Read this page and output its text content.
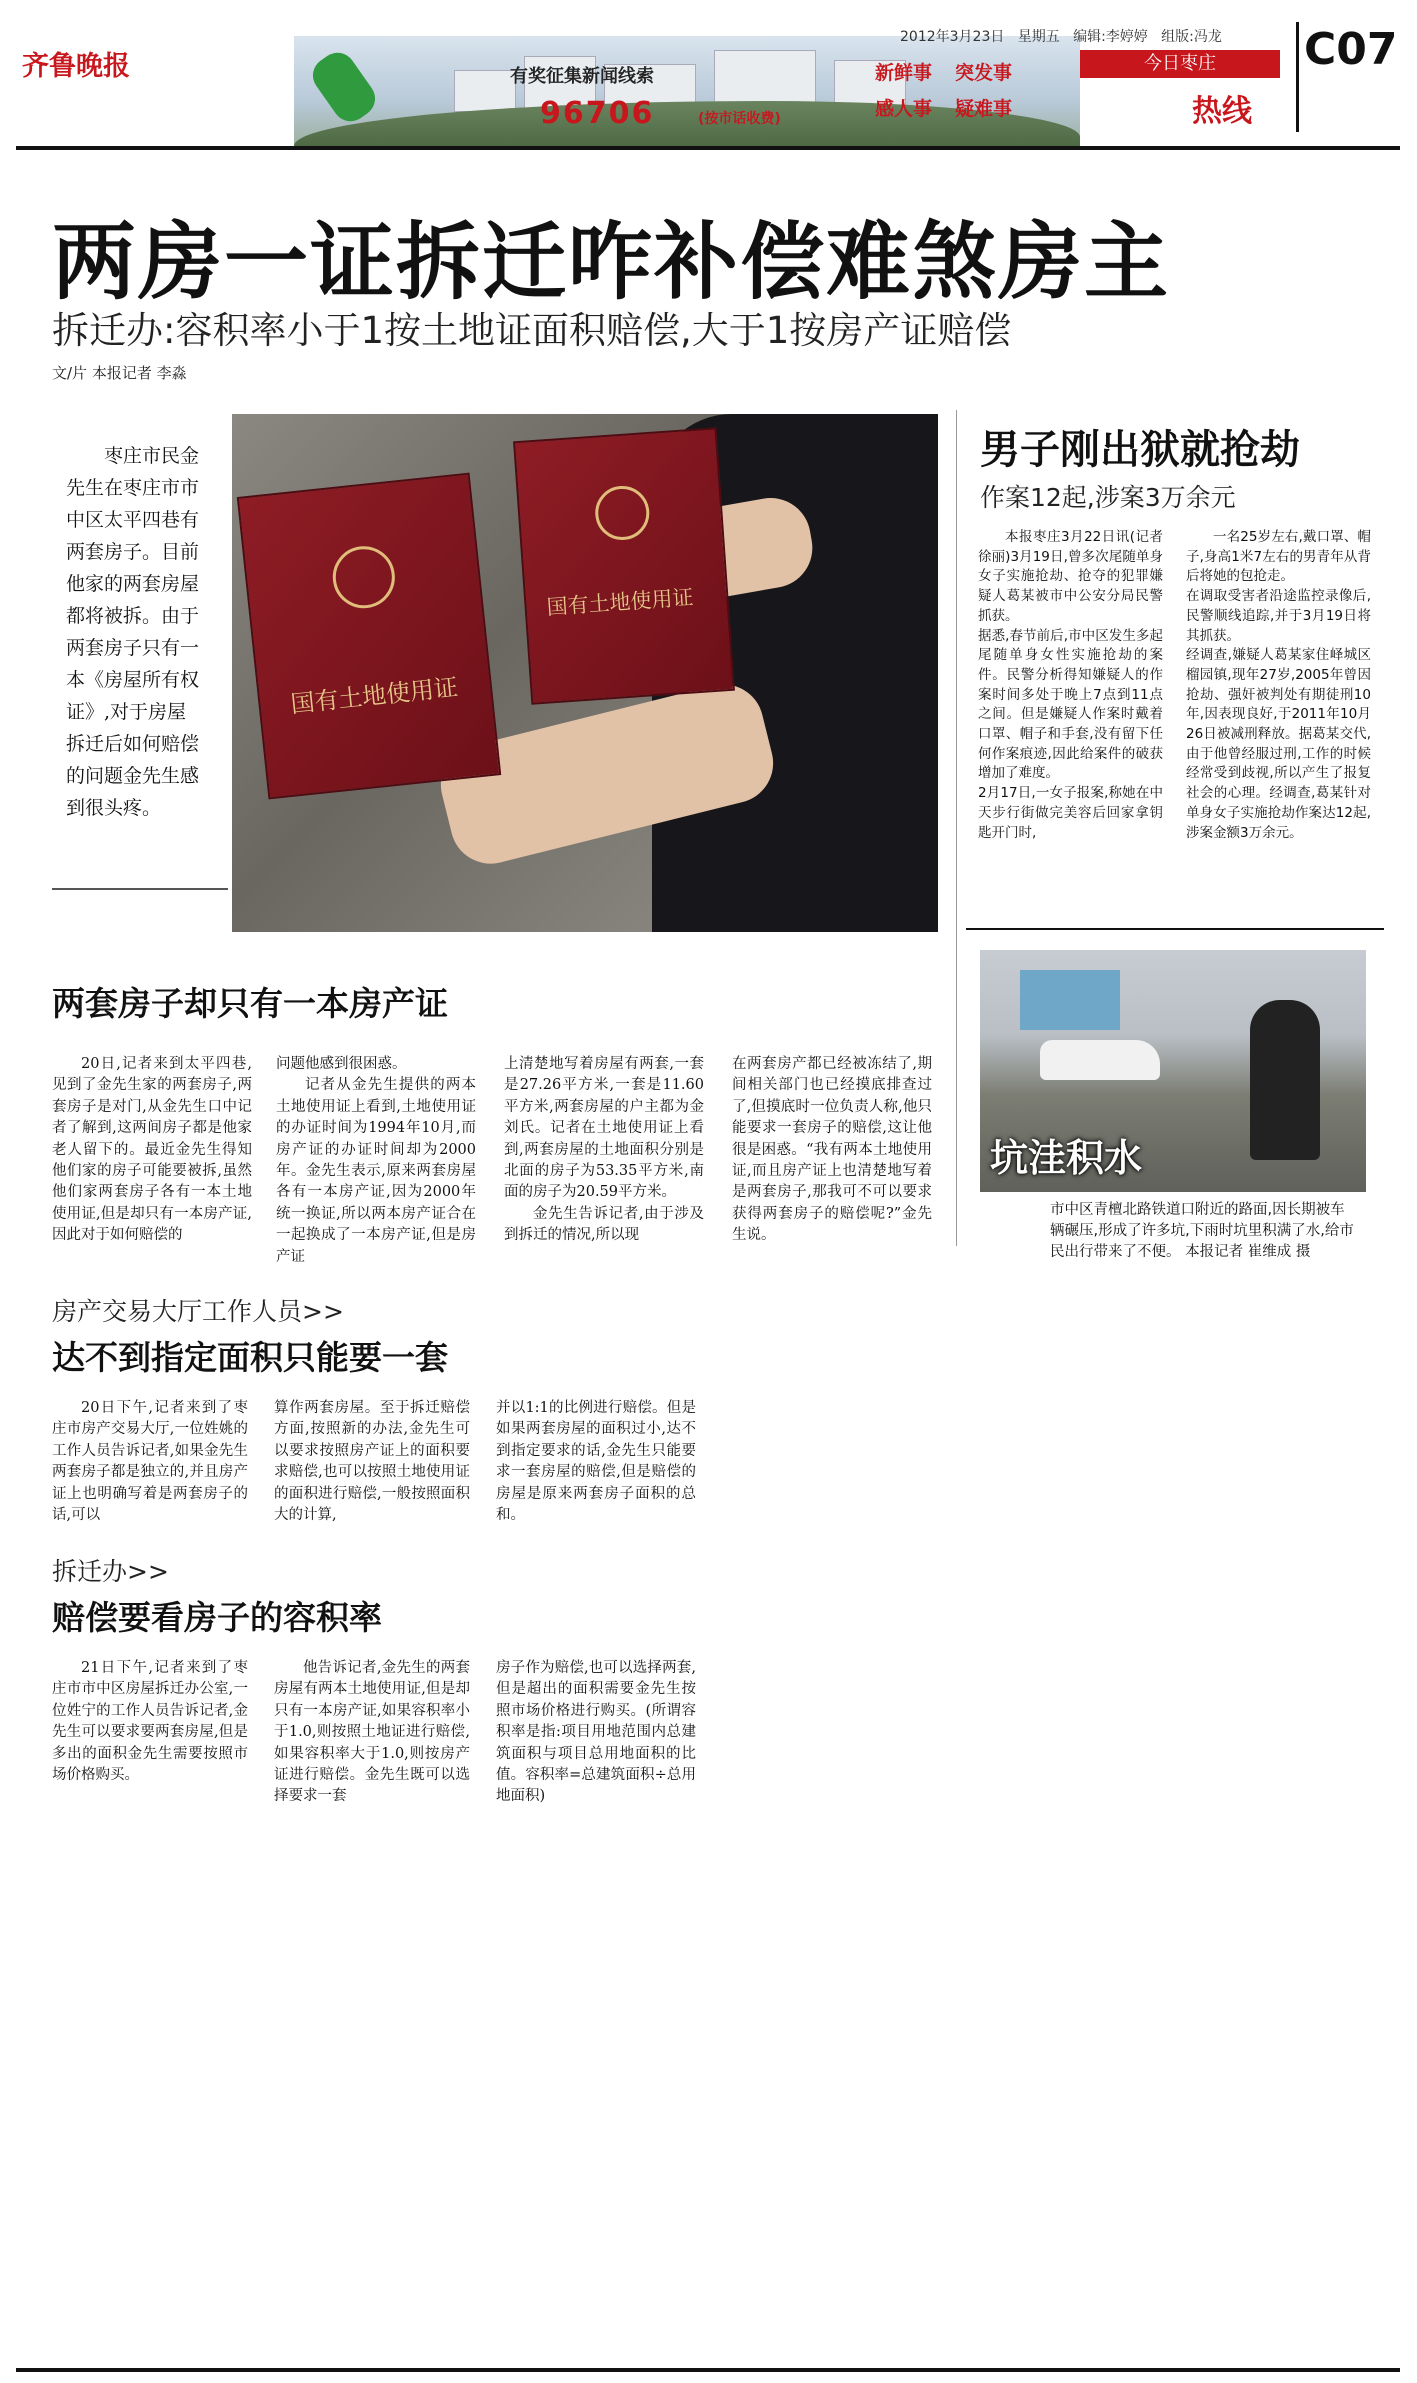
齐鲁晚报	有奖征集新闻线索
96706	(按市话收费)
新鲜事 突发事
感人事 疑难事
2012年3月23日 星期五 编辑:李婷婷 组版:冯龙
今日枣庄
热线
C07
两房一证拆迁咋补偿难煞房主
拆迁办:容积率小于1按土地证面积赔偿,大于1按房产证赔偿
文/片 本报记者 李淼
枣庄市民金先生在枣庄市市中区太平四巷有两套房子。目前他家的两套房屋都将被拆。由于两套房子只有一本《房屋所有权证》,对于房屋拆迁后如何赔偿的问题金先生感到很头疼。
国有土地使用证
国有土地使用证
男子刚出狱就抢劫
作案12起,涉案3万余元
本报枣庄3月22日讯(记者 徐丽)3月19日,曾多次尾随单身女子实施抢劫、抢夺的犯罪嫌疑人葛某被市中公安分局民警抓获。
据悉,春节前后,市中区发生多起尾随单身女性实施抢劫的案件。民警分析得知嫌疑人的作案时间多处于晚上7点到11点之间。但是嫌疑人作案时戴着口罩、帽子和手套,没有留下任何作案痕迹,因此给案件的破获增加了难度。
2月17日,一女子报案,称她在中天步行街做完美容后回家拿钥匙开门时,
一名25岁左右,戴口罩、帽子,身高1米7左右的男青年从背后将她的包抢走。
在调取受害者沿途监控录像后,民警顺线追踪,并于3月19日将其抓获。
经调查,嫌疑人葛某家住峄城区榴园镇,现年27岁,2005年曾因抢劫、强奸被判处有期徒刑10年,因表现良好,于2011年10月26日被减刑释放。据葛某交代,由于他曾经服过刑,工作的时候经常受到歧视,所以产生了报复社会的心理。经调查,葛某针对单身女子实施抢劫作案达12起,涉案金额3万余元。
坑洼积水
市中区青檀北路铁道口附近的路面,因长期被车辆碾压,形成了许多坑,下雨时坑里积满了水,给市民出行带来了不便。 本报记者 崔维成 摄
两套房子却只有一本房产证

20日,记者来到太平四巷,见到了金先生家的两套房子,两套房子是对门,从金先生口中记者了解到,这两间房子都是他家老人留下的。最近金先生得知他们家的房子可能要被拆,虽然他们家两套房子各有一本土地使用证,但是却只有一本房产证,因此对于如何赔偿的

问题他感到很困惑。

记者从金先生提供的两本土地使用证上看到,土地使用证的办证时间为1994年10月,而房产证的办证时间却为2000年。金先生表示,原来两套房屋各有一本房产证,因为2000年统一换证,所以两本房产证合在一起换成了一本房产证,但是房产证

上清楚地写着房屋有两套,一套是27.26平方米,一套是11.60平方米,两套房屋的户主都为金刘氏。记者在土地使用证上看到,两套房屋的土地面积分别是北面的房子为53.35平方米,南面的房子为20.59平方米。

金先生告诉记者,由于涉及到拆迁的情况,所以现

在两套房产都已经被冻结了,期间相关部门也已经摸底排查过了,但摸底时一位负责人称,他只能要求一套房子的赔偿,这让他很是困惑。“我有两本土地使用证,而且房产证上也清楚地写着是两套房子,那我可不可以要求获得两套房子的赔偿呢?”金先生说。

房产交易大厅工作人员>>
达不到指定面积只能要一套

20日下午,记者来到了枣庄市房产交易大厅,一位姓姚的工作人员告诉记者,如果金先生两套房子都是独立的,并且房产证上也明确写着是两套房子的话,可以

算作两套房屋。至于拆迁赔偿方面,按照新的办法,金先生可以要求按照房产证上的面积要求赔偿,也可以按照土地使用证的面积进行赔偿,一般按照面积大的计算,

并以1:1的比例进行赔偿。但是如果两套房屋的面积过小,达不到指定要求的话,金先生只能要求一套房屋的赔偿,但是赔偿的房屋是原来两套房子面积的总和。

拆迁办>>
赔偿要看房子的容积率

21日下午,记者来到了枣庄市市中区房屋拆迁办公室,一位姓宁的工作人员告诉记者,金先生可以要求要两套房屋,但是多出的面积金先生需要按照市场价格购买。

他告诉记者,金先生的两套房屋有两本土地使用证,但是却只有一本房产证,如果容积率小于1.0,则按照土地证进行赔偿,如果容积率大于1.0,则按房产证进行赔偿。金先生既可以选择要求一套

房子作为赔偿,也可以选择两套,但是超出的面积需要金先生按照市场价格进行购买。(所谓容积率是指:项目用地范围内总建筑面积与项目总用地面积的比值。容积率=总建筑面积÷总用地面积)
